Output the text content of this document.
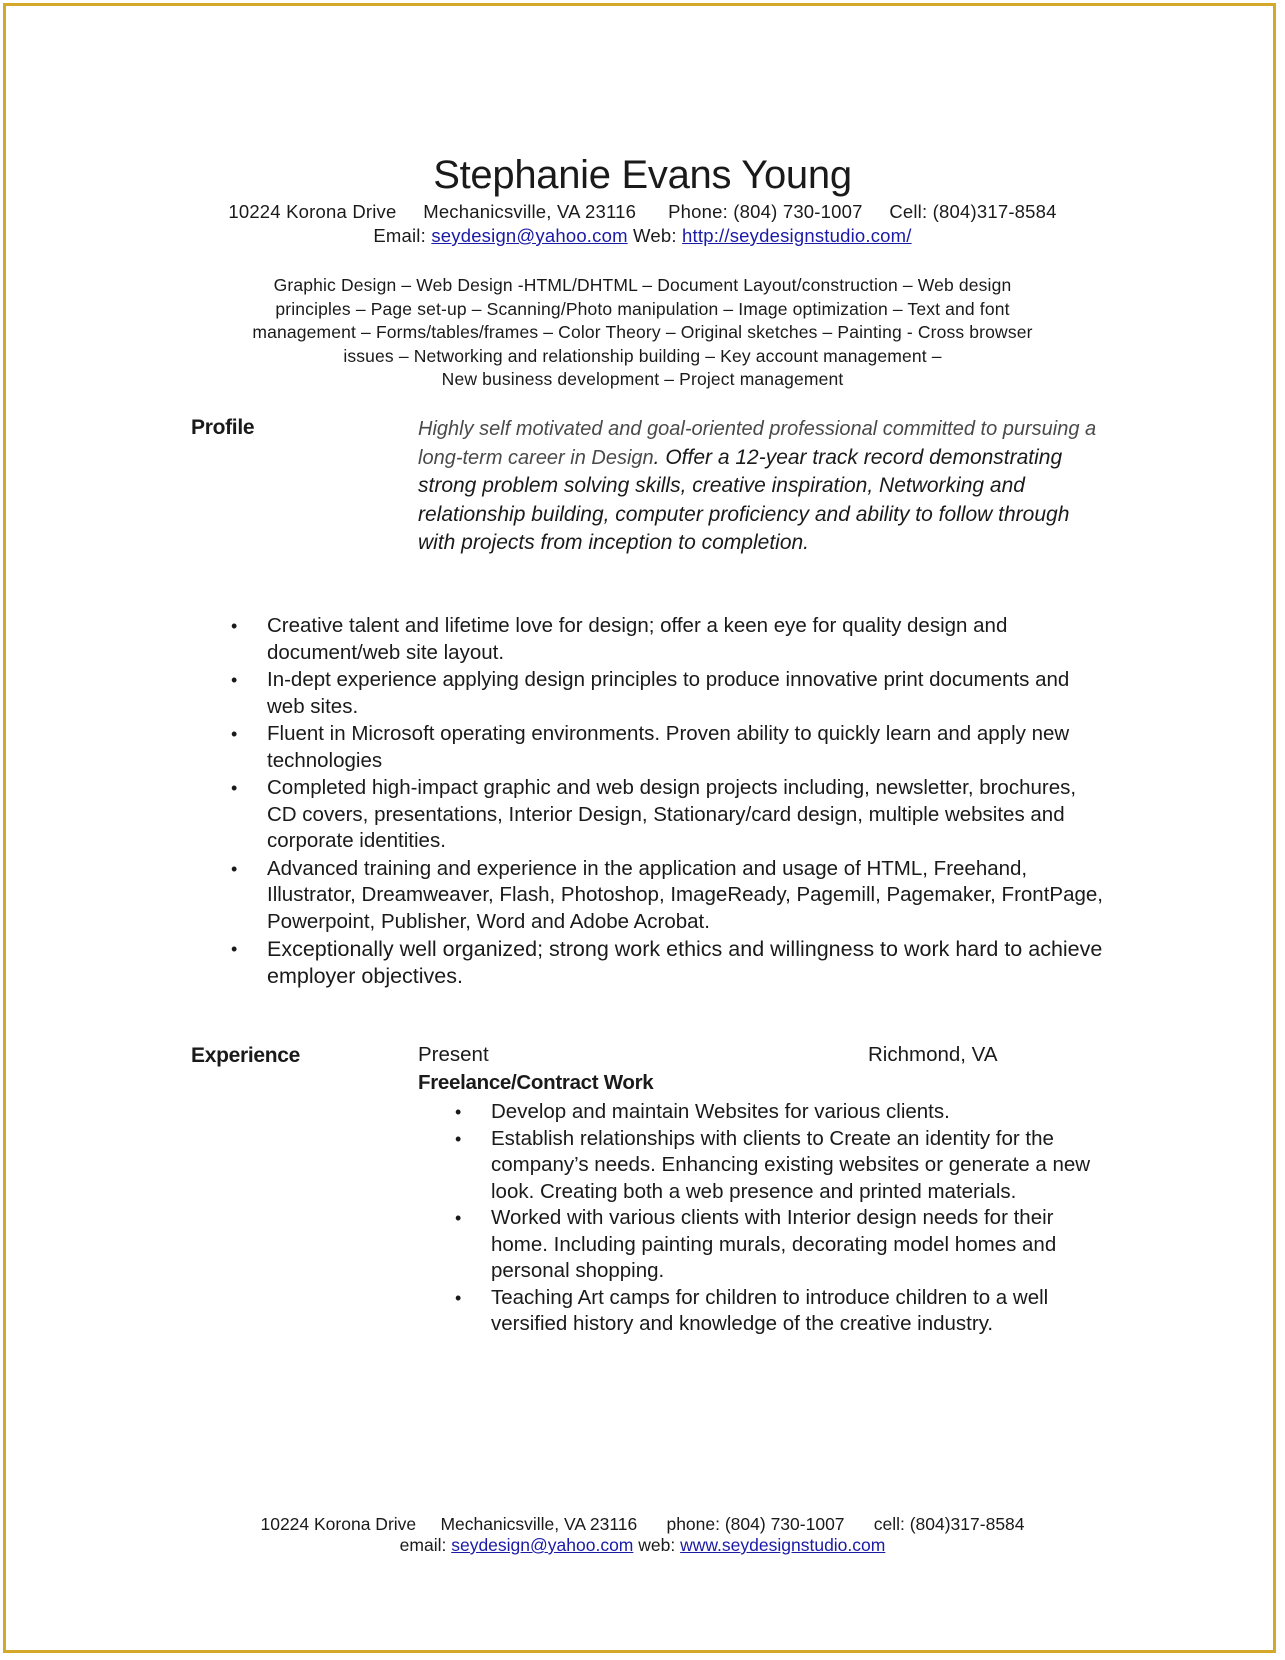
Stephanie Evans Young
10224 Korona Drive Mechanicsville, VA 23116 Phone: (804) 730-1007 Cell: (804)317-8584
Email: seydesign@yahoo.com Web: http://seydesignstudio.com/
Graphic Design – Web Design -HTML/DHTML – Document Layout/construction – Web design
principles – Page set-up – Scanning/Photo manipulation – Image optimization – Text and font
management – Forms/tables/frames – Color Theory – Original sketches – Painting - Cross browser
issues – Networking and relationship building – Key account management –
New business development – Project management
Profile	Highly self motivated and goal-oriented professional committed to pursuing a long-term career in Design. Offer a 12-year track record demonstrating strong problem solving skills, creative inspiration, Networking and relationship building, computer proficiency and ability to follow through with projects from inception to completion.
•	Creative talent and lifetime love for design; offer a keen eye for quality design and document/web site layout.
•	In-dept experience applying design principles to produce innovative print documents and web sites.
•	Fluent in Microsoft operating environments. Proven ability to quickly learn and apply new technologies
•	Completed high-impact graphic and web design projects including, newsletter, brochures, CD covers, presentations, Interior Design, Stationary/card design, multiple websites and corporate identities.
•	Advanced training and experience in the application and usage of HTML, Freehand, Illustrator, Dreamweaver, Flash, Photoshop, ImageReady, Pagemill, Pagemaker, FrontPage, Powerpoint, Publisher, Word and Adobe Acrobat.
•	Exceptionally well organized; strong work ethics and willingness to work hard to achieve employer objectives.
Experience	Present	Richmond, VA
Freelance/Contract Work
•	Develop and maintain Websites for various clients.
•	Establish relationships with clients to Create an identity for the company’s needs. Enhancing existing websites or generate a new look. Creating both a web presence and printed materials.
•	Worked with various clients with Interior design needs for their home. Including painting murals, decorating model homes and personal shopping.
•	Teaching Art camps for children to introduce children to a well versified history and knowledge of the creative industry.
10224 Korona Drive Mechanicsville, VA 23116 phone: (804) 730-1007 cell: (804)317-8584
email: seydesign@yahoo.com web: www.seydesignstudio.com
